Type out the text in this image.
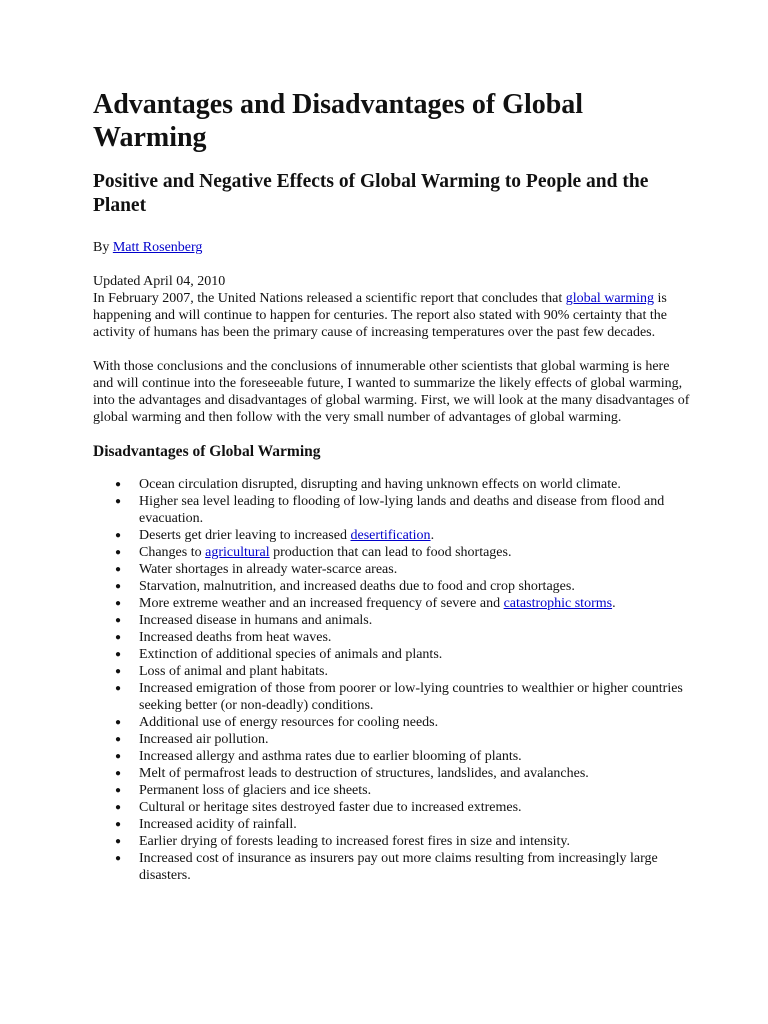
Advantages and Disadvantages of Global Warming
Positive and Negative Effects of Global Warming to People and the Planet
By Matt Rosenberg
Updated April 04, 2010

In February 2007, the United Nations released a scientific report that concludes that global warming is happening and will continue to happen for centuries. The report also stated with 90% certainty that the activity of humans has been the primary cause of increasing temperatures over the past few decades.

With those conclusions and the conclusions of innumerable other scientists that global warming is here and will continue into the foreseeable future, I wanted to summarize the likely effects of global warming, into the advantages and disadvantages of global warming. First, we will look at the many disadvantages of global warming and then follow with the very small number of advantages of global warming.

Disadvantages of Global Warming
● Ocean circulation disrupted, disrupting and having unknown effects on world climate.
● Higher sea level leading to flooding of low-lying lands and deaths and disease from flood and evacuation.
● Deserts get drier leaving to increased desertification.
● Changes to agricultural production that can lead to food shortages.
● Water shortages in already water-scarce areas.
● Starvation, malnutrition, and increased deaths due to food and crop shortages.
● More extreme weather and an increased frequency of severe and catastrophic storms.
● Increased disease in humans and animals.
● Increased deaths from heat waves.
● Extinction of additional species of animals and plants.
● Loss of animal and plant habitats.
● Increased emigration of those from poorer or low-lying countries to wealthier or higher countries seeking better (or non-deadly) conditions.
● Additional use of energy resources for cooling needs.
● Increased air pollution.
● Increased allergy and asthma rates due to earlier blooming of plants.
● Melt of permafrost leads to destruction of structures, landslides, and avalanches.
● Permanent loss of glaciers and ice sheets.
● Cultural or heritage sites destroyed faster due to increased extremes.
● Increased acidity of rainfall.
● Earlier drying of forests leading to increased forest fires in size and intensity.
● Increased cost of insurance as insurers pay out more claims resulting from increasingly large disasters.
